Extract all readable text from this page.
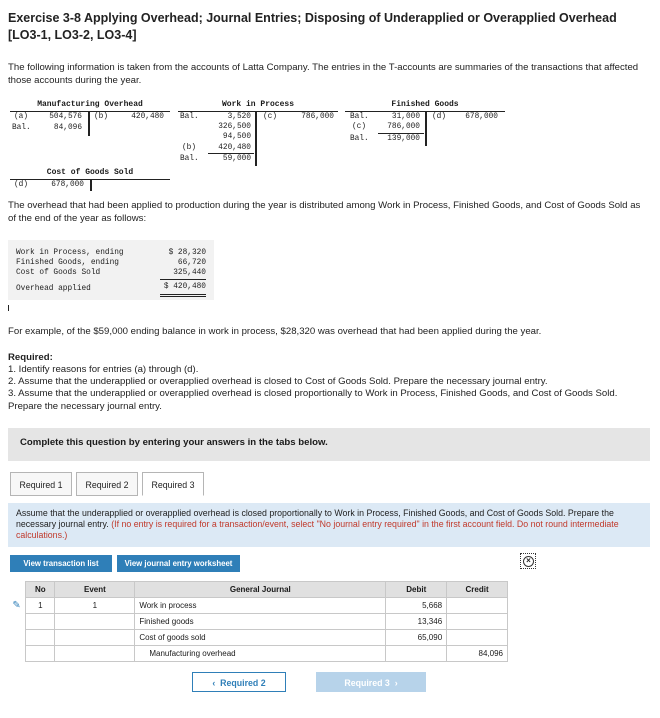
Exercise 3-8 Applying Overhead; Journal Entries; Disposing of Underapplied or Overapplied Overhead [LO3-1, LO3-2, LO3-4]
The following information is taken from the accounts of Latta Company. The entries in the T-accounts are summaries of the transactions that affected those accounts during the year.
Manufacturing Overhead
(a)	504,576 (b)	420,480
Bal.	84,096
Work in Process
Bal.	3,520 (c)	786,000
326,500
94,500
(b)	420,480
Bal.	59,000
Finished Goods
Bal.	31,000 (d)	678,000
(c)	786,000
Bal.	139,000
Cost of Goods Sold
(d)	678,000
The overhead that had been applied to production during the year is distributed among Work in Process, Finished Goods, and Cost of Goods Sold as of the end of the year as follows:
Work in Process, ending	$ 28,320
Finished Goods, ending	66,720
Cost of Goods Sold	325,440
Overhead applied	$ 420,480
For example, of the $59,000 ending balance in work in process, $28,320 was overhead that had been applied during the year.
Required:
1. Identify reasons for entries (a) through (d).
2. Assume that the underapplied or overapplied overhead is closed to Cost of Goods Sold. Prepare the necessary journal entry.
3. Assume that the underapplied or overapplied overhead is closed proportionally to Work in Process, Finished Goods, and Cost of Goods Sold. Prepare the necessary journal entry.
Complete this question by entering your answers in the tabs below.
Required 1	Required 2	Required 3
Assume that the underapplied or overapplied overhead is closed proportionally to Work in Process, Finished Goods, and Cost of Goods Sold. Prepare the necessary journal entry. (If no entry is required for a transaction/event, select "No journal entry required" in the first account field. Do not round intermediate calculations.)
View transaction list	View journal entry worksheet	×
	No	Event	General Journal	Debit	Credit
✎	1	1	Work in process	5,668	
			Finished goods	13,346	
			Cost of goods sold	65,090	
			Manufacturing overhead		84,096
‹ Required 2	Required 3 ›
